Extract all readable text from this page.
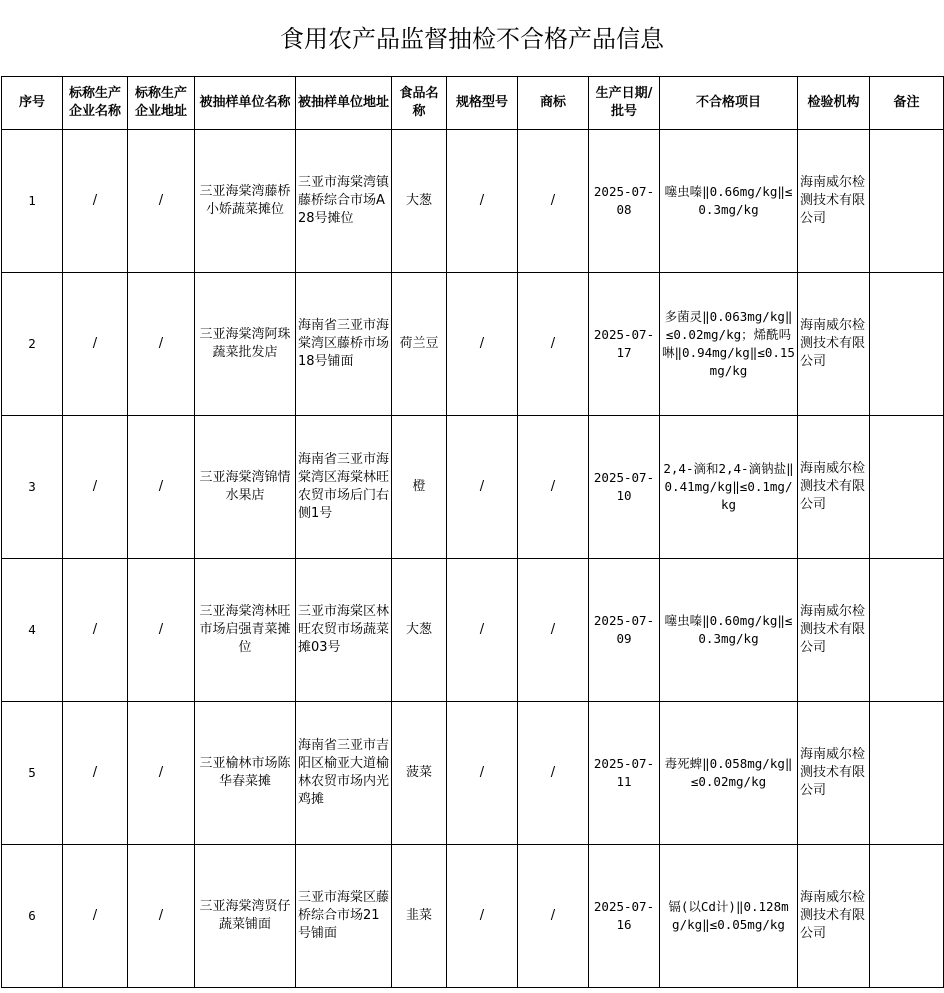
食用农产品监督抽检不合格产品信息
序号	标称生产企业名称	标称生产企业地址	被抽样单位名称	被抽样单位地址	食品名称	规格型号	商标	生产日期/批号	不合格项目	检验机构	备注
1	/	/	三亚海棠湾藤桥小娇蔬菜摊位	三亚市海棠湾镇藤桥综合市场A28号摊位	大葱	/	/	2025-07-08	噻虫嗪‖0.66mg/kg‖≤0.3mg/kg	海南威尔检测技术有限公司	
2	/	/	三亚海棠湾阿珠蔬菜批发店	海南省三亚市海棠湾区藤桥市场18号铺面	荷兰豆	/	/	2025-07-17	多菌灵‖0.063mg/kg‖≤0.02mg/kg；烯酰吗啉‖0.94mg/kg‖≤0.15mg/kg	海南威尔检测技术有限公司	
3	/	/	三亚海棠湾锦情水果店	海南省三亚市海棠湾区海棠林旺农贸市场后门右侧1号	橙	/	/	2025-07-10	2,4-滴和2,4-滴钠盐‖0.41mg/kg‖≤0.1mg/kg	海南威尔检测技术有限公司	
4	/	/	三亚海棠湾林旺市场启强青菜摊位	三亚市海棠区林旺农贸市场蔬菜摊03号	大葱	/	/	2025-07-09	噻虫嗪‖0.60mg/kg‖≤0.3mg/kg	海南威尔检测技术有限公司	
5	/	/	三亚榆林市场陈华春菜摊	海南省三亚市吉阳区榆亚大道榆林农贸市场内光鸡摊	菠菜	/	/	2025-07-11	毒死蜱‖0.058mg/kg‖≤0.02mg/kg	海南威尔检测技术有限公司	
6	/	/	三亚海棠湾贤仔蔬菜铺面	三亚市海棠区藤桥综合市场21号铺面	韭菜	/	/	2025-07-16	镉(以Cd计)‖0.128mg/kg‖≤0.05mg/kg	海南威尔检测技术有限公司	
